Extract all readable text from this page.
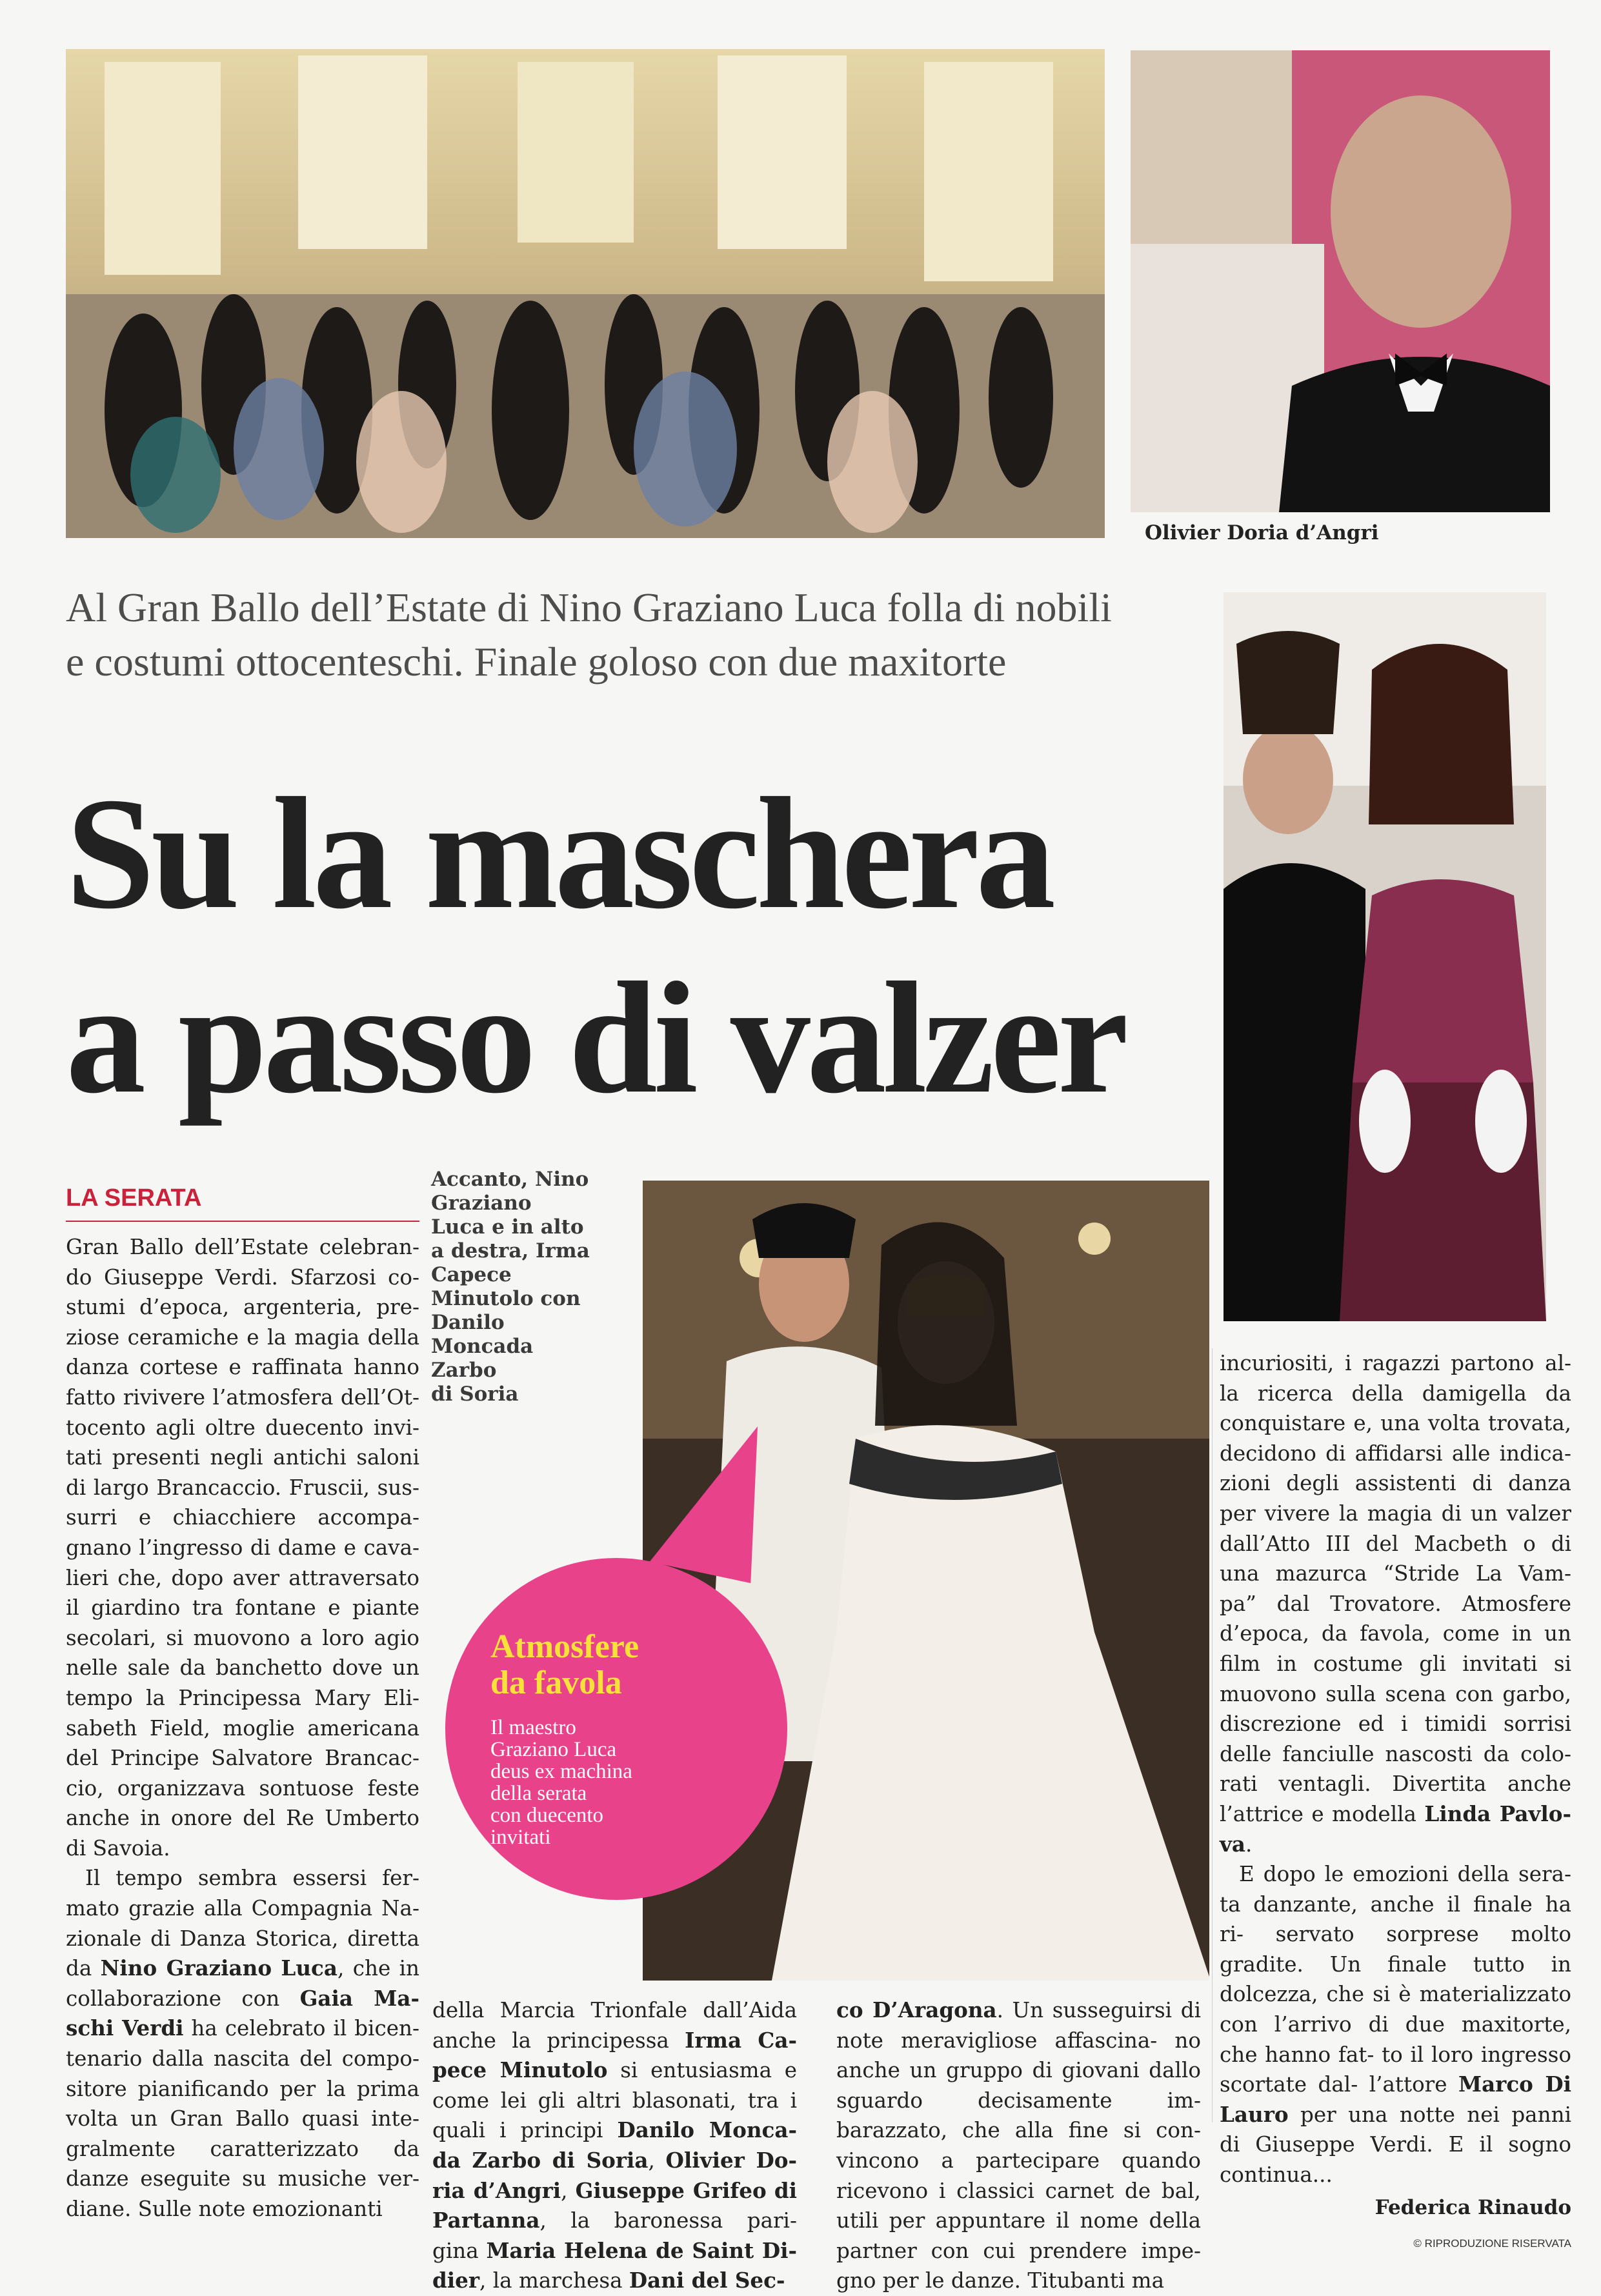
Olivier Doria d’Angri
Al Gran Ballo dell’Estate di Nino Graziano Luca folla di nobili
e costumi ottocenteschi. Finale goloso con due maxitorte
Su la maschera
a passo di valzer
LA SERATA

Gran Ballo dell’Estate celebran- do Giuseppe Verdi. Sfarzosi co- stumi d’epoca, argenteria, pre- ziose ceramiche e la magia della danza cortese e raffinata hanno fatto rivivere l’atmosfera dell’Ot- tocento agli oltre duecento invi- tati presenti negli antichi saloni di largo Brancaccio. Fruscii, sus- surri e chiacchiere accompa- gnano l’ingresso di dame e cava- lieri che, dopo aver attraversato il giardino tra fontane e piante secolari, si muovono a loro agio nelle sale da banchetto dove un tempo la Principessa Mary Eli- sabeth Field, moglie americana del Principe Salvatore Brancac- cio, organizzava sontuose feste anche in onore del Re Umberto di Savoia.

Il tempo sembra essersi fer- mato grazie alla Compagnia Na- zionale di Danza Storica, diretta da Nino Graziano Luca, che in collaborazione con Gaia Ma- schi Verdi ha celebrato il bicen- tenario dalla nascita del compo- sitore pianificando per la prima volta un Gran Ballo quasi inte- gralmente caratterizzato da danze eseguite su musiche ver- diane. Sulle note emozionanti

Accanto, Nino
Graziano
Luca e in alto
a destra, Irma
Capece
Minutolo con
Danilo
Moncada
Zarbo
di Soria
Atmosfere
da favola
Il maestro
Graziano Luca
deus ex machina
della serata
con duecento
invitati

della Marcia Trionfale dall’Aida anche la principessa Irma Ca- pece Minutolo si entusiasma e come lei gli altri blasonati, tra i quali i principi Danilo Monca- da Zarbo di Soria, Olivier Do- ria d’Angri, Giuseppe Grifeo di Partanna, la baronessa pari- gina Maria Helena de Saint Di- dier, la marchesa Dani del Sec-

co D’Aragona. Un susseguirsi di note meravigliose affascina- no anche un gruppo di giovani dallo sguardo decisamente im- barazzato, che alla fine si con- vincono a partecipare quando ricevono i classici carnet de bal, utili per appuntare il nome della partner con cui prendere impe- gno per le danze. Titubanti ma

incuriositi, i ragazzi partono al- la ricerca della damigella da conquistare e, una volta trovata, decidono di affidarsi alle indica- zioni degli assistenti di danza per vivere la magia di un valzer dall’Atto III del Macbeth o di una mazurca “Stride La Vam- pa” dal Trovatore. Atmosfere d’epoca, da favola, come in un film in costume gli invitati si muovono sulla scena con garbo, discrezione ed i timidi sorrisi delle fanciulle nascosti da colo- rati ventagli. Divertita anche l’attrice e modella Linda Pavlo- va.

E dopo le emozioni della sera- ta danzante, anche il finale ha ri- servato sorprese molto gradite. Un finale tutto in dolcezza, che si è materializzato con l’arrivo di due maxitorte, che hanno fat- to il loro ingresso scortate dal- l’attore Marco Di Lauro per una notte nei panni di Giuseppe Verdi. E il sogno continua...

Federica Rinaudo
© RIPRODUZIONE RISERVATA
